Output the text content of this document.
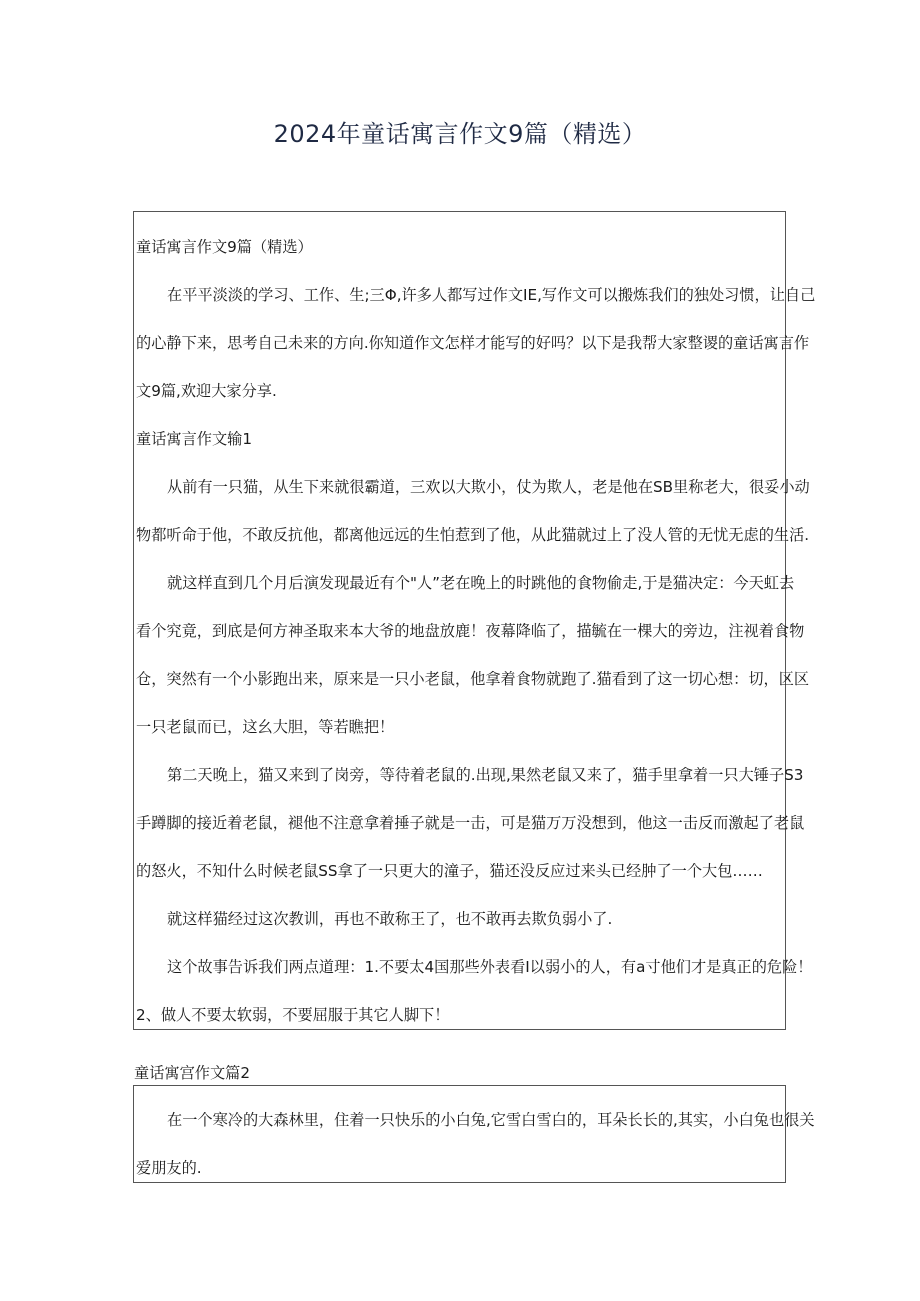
2024年童话寓言作文9篇（精选）
童话寓言作文9篇（精选）
在平平淡淡的学习、工作、生;三Φ,许多人都写过作文IE,写作文可以搬炼我们的独处习惯，让自己
的心静下来，思考自己未来的方向.你知道作文怎样才能写的好吗？以下是我帮大家整谡的童话寓言作
文9篇,欢迎大家分享.
童话寓言作文输1
从前有一只猫，从生下来就很霸道，三欢以大欺小，仗为欺人，老是他在SB里称老大，很妥小动
物都听命于他，不敢反抗他，都离他远远的生怕惹到了他，从此猫就过上了没人管的无忧无虑的生活.
就这样直到几个月后演发现最近有个"人”老在晚上的时跳他的食物偷走,于是猫决定：今天虹去
看个究竟，到底是何方神圣取来本大爷的地盘放鹿！夜幕降临了，描毓在一棵大的旁边，注视着食物
仓，突然有一个小影跑出来，原来是一只小老鼠，他拿着食物就跑了.猫看到了这一切心想：切，区区
一只老鼠而已，这幺大胆，等若瞧把！
第二天晚上，猫又来到了岗旁，等待着老鼠的.出现,果然老鼠又来了，猫手里拿着一只大锤子S3
手蹲脚的接近着老鼠，褪他不注意拿着捶子就是一击，可是猫万万没想到，他这一击反而激起了老鼠
的怒火，不知什么时候老鼠SS拿了一只更大的潼子，猫还没反应过来头已经肿了一个大包……
就这样猫经过这次教训，再也不敢称王了，也不敢再去欺负弱小了.
这个故事告诉我们两点道理：1.不要太4国那些外表看I以弱小的人，有a寸他们才是真正的危险！
2、做人不要太软弱，不要屈服于其它人脚下！
童话寓宫作文篇2
在一个寒冷的大森林里，住着一只快乐的小白兔,它雪白雪白的，耳朵长长的,其实，小白兔也很关
爱朋友的.
